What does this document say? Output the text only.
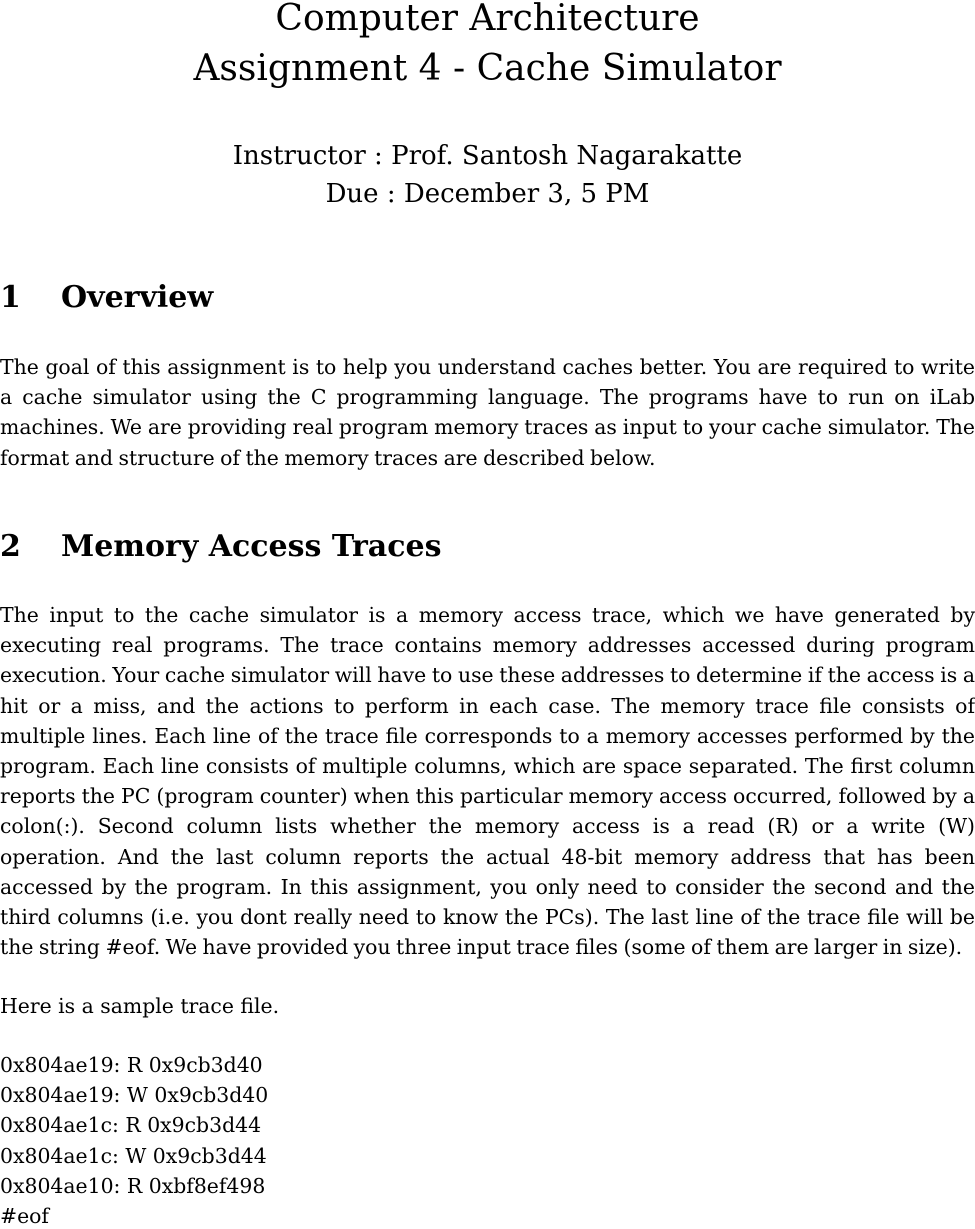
Computer Architecture
Assignment 4 - Cache Simulator
Instructor : Prof. Santosh Nagarakatte
Due : December 3, 5 PM
1 Overview
The goal of this assignment is to help you understand caches better. You are required to write a cache simulator using the C programming language. The programs have to run on iLab machines. We are providing real program memory traces as input to your cache simulator. The format and structure of the memory traces are described below.
2 Memory Access Traces
The input to the cache simulator is a memory access trace, which we have generated by executing real programs. The trace contains memory addresses accessed during program execution. Your cache simulator will have to use these addresses to determine if the access is a hit or a miss, and the actions to perform in each case. The memory trace file consists of multiple lines. Each line of the trace file corresponds to a memory accesses performed by the program. Each line consists of multiple columns, which are space separated. The first column reports the PC (program counter) when this particular memory access occurred, followed by a colon(:). Second column lists whether the memory access is a read (R) or a write (W) operation. And the last column reports the actual 48-bit memory address that has been accessed by the program. In this assignment, you only need to consider the second and the third columns (i.e. you dont really need to know the PCs). The last line of the trace file will be the string #eof. We have provided you three input trace files (some of them are larger in size).
Here is a sample trace file.
0x804ae19: R 0x9cb3d40
0x804ae19: W 0x9cb3d40
0x804ae1c: R 0x9cb3d44
0x804ae1c: W 0x9cb3d44
0x804ae10: R 0xbf8ef498
#eof
